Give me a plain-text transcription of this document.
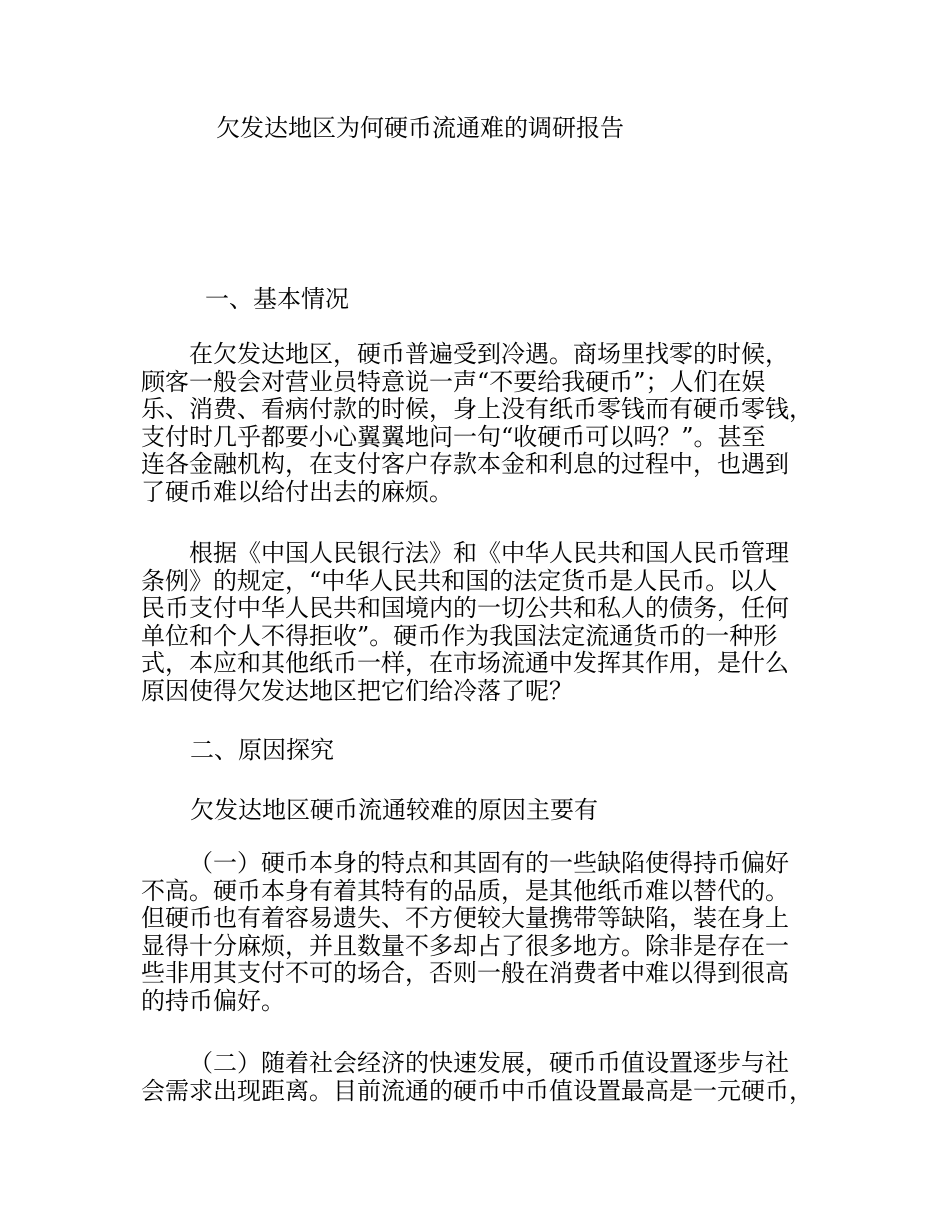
欠发达地区为何硬币流通难的调研报告
一、基本情况
在欠发达地区，硬币普遍受到冷遇。商场里找零的时候，
顾客一般会对营业员特意说一声“不要给我硬币”；人们在娱
乐、消费、看病付款的时候，身上没有纸币零钱而有硬币零钱，
支付时几乎都要小心翼翼地问一句“收硬币可以吗？”。甚至
连各金融机构，在支付客户存款本金和利息的过程中，也遇到
了硬币难以给付出去的麻烦。
根据《中国人民银行法》和《中华人民共和国人民币管理
条例》的规定，“中华人民共和国的法定货币是人民币。以人
民币支付中华人民共和国境内的一切公共和私人的债务，任何
单位和个人不得拒收”。硬币作为我国法定流通货币的一种形
式，本应和其他纸币一样，在市场流通中发挥其作用，是什么
原因使得欠发达地区把它们给冷落了呢？
二、原因探究
欠发达地区硬币流通较难的原因主要有
（一）硬币本身的特点和其固有的一些缺陷使得持币偏好
不高。硬币本身有着其特有的品质，是其他纸币难以替代的。
但硬币也有着容易遗失、不方便较大量携带等缺陷，装在身上
显得十分麻烦，并且数量不多却占了很多地方。除非是存在一
些非用其支付不可的场合，否则一般在消费者中难以得到很高
的持币偏好。
（二）随着社会经济的快速发展，硬币币值设置逐步与社
会需求出现距离。目前流通的硬币中币值设置最高是一元硬币，
